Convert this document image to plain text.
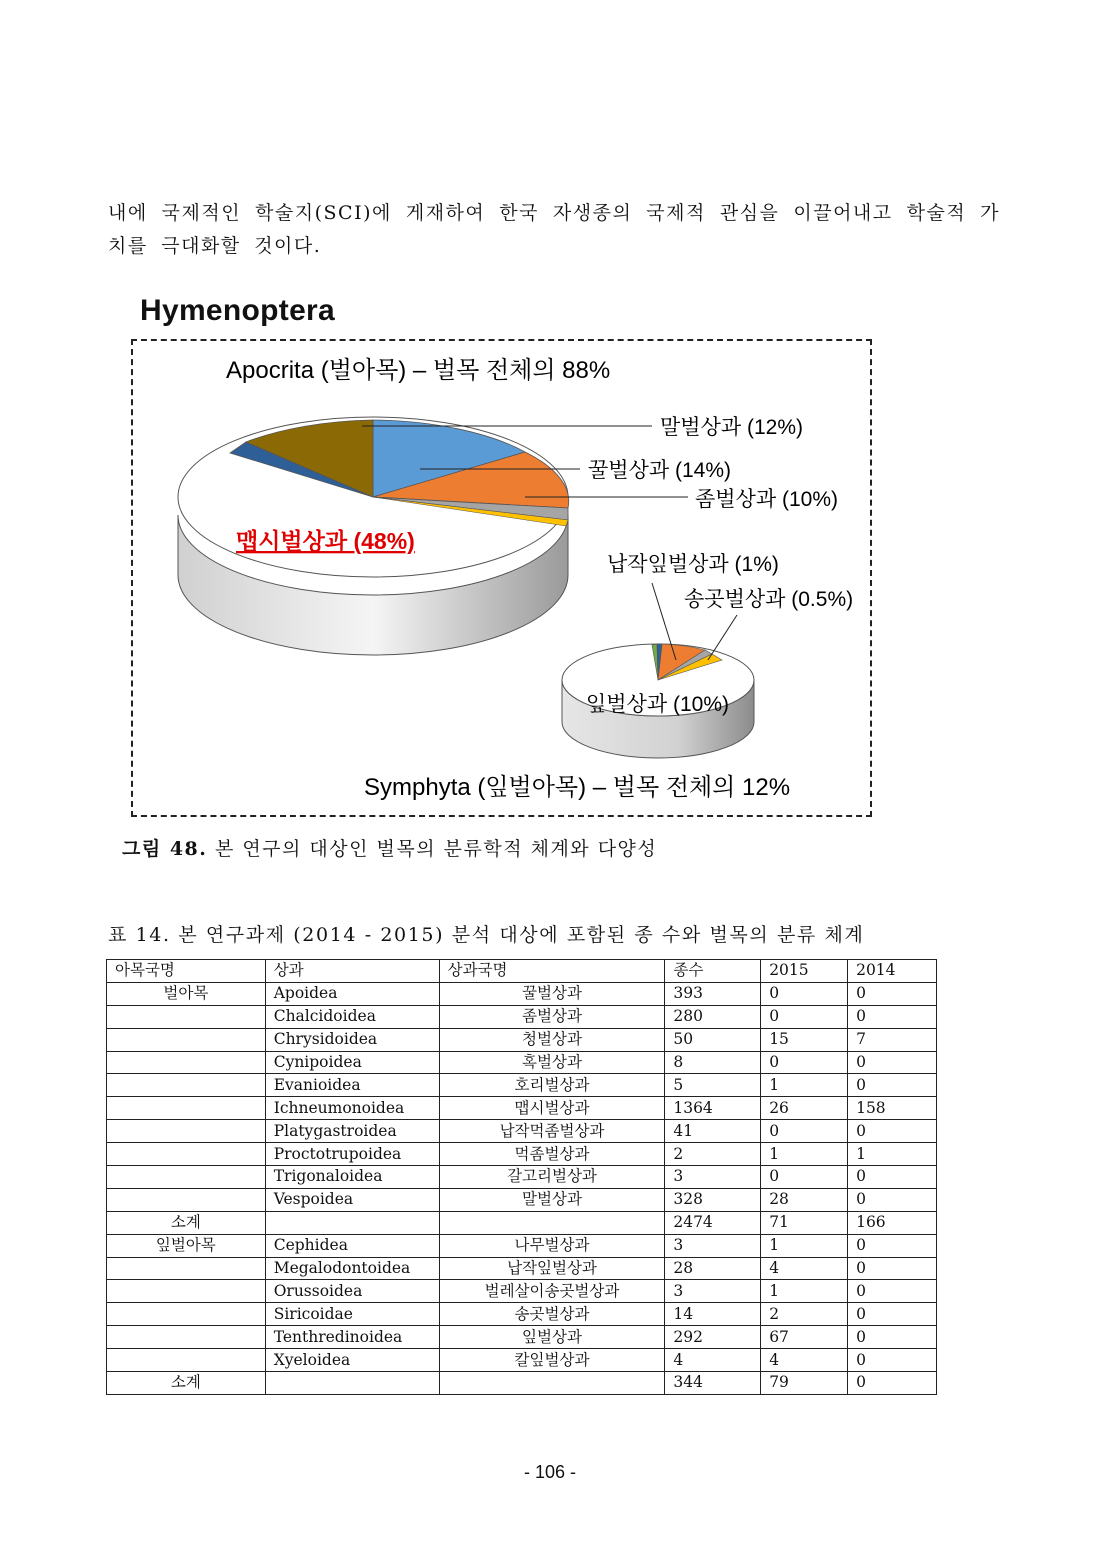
내에 국제적인 학술지(SCI)에 게재하여 한국 자생종의 국제적 관심을 이끌어내고 학술적 가치를 극대화할 것이다.

Hymenoptera
Apocrita (벌아목) – 벌목 전체의 88%
말벌상과 (12%)
꿀벌상과 (14%)
좀벌상과 (10%)
맵시벌상과 (48%)
납작잎벌상과 (1%)
송곳벌상과 (0.5%)
잎벌상과 (10%)
Symphyta (잎벌아목) – 벌목 전체의 12%
그림 48. 본 연구의 대상인 벌목의 분류학적 체계와 다양성
표 14. 본 연구과제 (2014 - 2015) 분석 대상에 포함된 종 수와 벌목의 분류 체계
아목국명	상과	상과국명	종수	2015	2014
벌아목	Apoidea	꿀벌상과	393	0	0
	Chalcidoidea	좀벌상과	280	0	0
	Chrysidoidea	청벌상과	50	15	7
	Cynipoidea	혹벌상과	8	0	0
	Evanioidea	호리벌상과	5	1	0
	Ichneumonoidea	맵시벌상과	1364	26	158
	Platygastroidea	납작먹좀벌상과	41	0	0
	Proctotrupoidea	먹좀벌상과	2	1	1
	Trigonaloidea	갈고리벌상과	3	0	0
	Vespoidea	말벌상과	328	28	0
소계			2474	71	166
잎벌아목	Cephidea	나무벌상과	3	1	0
	Megalodontoidea	납작잎벌상과	28	4	0
	Orussoidea	벌레살이송곳벌상과	3	1	0
	Siricoidae	송곳벌상과	14	2	0
	Tenthredinoidea	잎벌상과	292	67	0
	Xyeloidea	칼잎벌상과	4	4	0
소계			344	79	0
- 106 -
